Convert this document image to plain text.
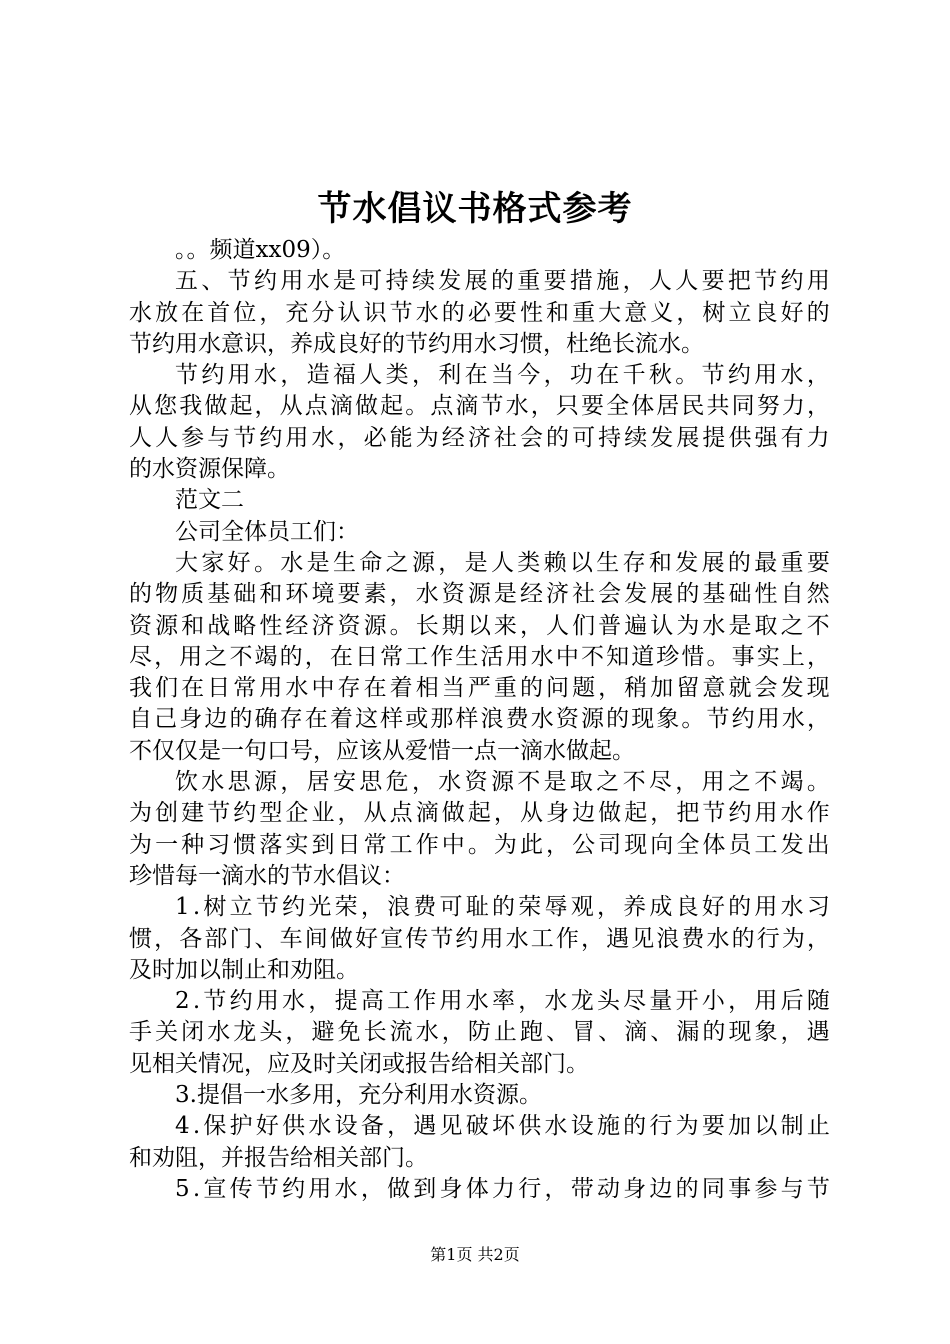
节水倡议书格式参考
。。频道xx09）。
五 、 节 约 用 水 是 可 持 续 发 展 的 重 要 措 施 ， 人 人 要 把 节 约 用
水 放 在 首 位 ， 充 分 认 识 节 水 的 必 要 性 和 重 大 意 义 ， 树 立 良 好 的
节约用水意识，养成良好的节约用水习惯，杜绝长流水。
节 约 用 水 ， 造 福 人 类 ， 利 在 当 今 ， 功 在 千 秋 。 节 约 用 水 ，
从 您 我 做 起 ， 从 点 滴 做 起 。 点 滴 节 水 ， 只 要 全 体 居 民 共 同 努 力 ，
人 人 参 与 节 约 用 水 ， 必 能 为 经 济 社 会 的 可 持 续 发 展 提 供 强 有 力
的水资源保障。
范文二
公司全体员工们：
大 家 好 。 水 是 生 命 之 源 ， 是 人 类 赖 以 生 存 和 发 展 的 最 重 要
的 物 质 基 础 和 环 境 要 素 ， 水 资 源 是 经 济 社 会 发 展 的 基 础 性 自 然
资 源 和 战 略 性 经 济 资 源 。 长 期 以 来 ， 人 们 普 遍 认 为 水 是 取 之 不
尽 ， 用 之 不 竭 的 ， 在 日 常 工 作 生 活 用 水 中 不 知 道 珍 惜 。 事 实 上 ，
我 们 在 日 常 用 水 中 存 在 着 相 当 严 重 的 问 题 ， 稍 加 留 意 就 会 发 现
自 己 身 边 的 确 存 在 着 这 样 或 那 样 浪 费 水 资 源 的 现 象 。 节 约 用 水 ，
不仅仅是一句口号，应该从爱惜一点一滴水做起。
饮 水 思 源 ， 居 安 思 危 ， 水 资 源 不 是 取 之 不 尽 ， 用 之 不 竭 。
为 创 建 节 约 型 企 业 ， 从 点 滴 做 起 ， 从 身 边 做 起 ， 把 节 约 用 水 作
为 一 种 习 惯 落 实 到 日 常 工 作 中 。 为 此 ， 公 司 现 向 全 体 员 工 发 出
珍惜每一滴水的节水倡议：
1 . 树 立 节 约 光 荣 ， 浪 费 可 耻 的 荣 辱 观 ， 养 成 良 好 的 用 水 习
惯 ， 各 部 门 、 车 间 做 好 宣 传 节 约 用 水 工 作 ， 遇 见 浪 费 水 的 行 为 ，
及时加以制止和劝阻。
2 . 节 约 用 水 ， 提 高 工 作 用 水 率 ， 水 龙 头 尽 量 开 小 ， 用 后 随
手 关 闭 水 龙 头 ， 避 免 长 流 水 ， 防 止 跑 、 冒 、 滴 、 漏 的 现 象 ， 遇
见相关情况，应及时关闭或报告给相关部门。
3.提倡一水多用，充分利用水资源。
4 . 保 护 好 供 水 设 备 ， 遇 见 破 坏 供 水 设 施 的 行 为 要 加 以 制 止
和劝阻，并报告给相关部门。
5 . 宣 传 节 约 用 水 ， 做 到 身 体 力 行 ， 带 动 身 边 的 同 事 参 与 节
第1页 共2页
